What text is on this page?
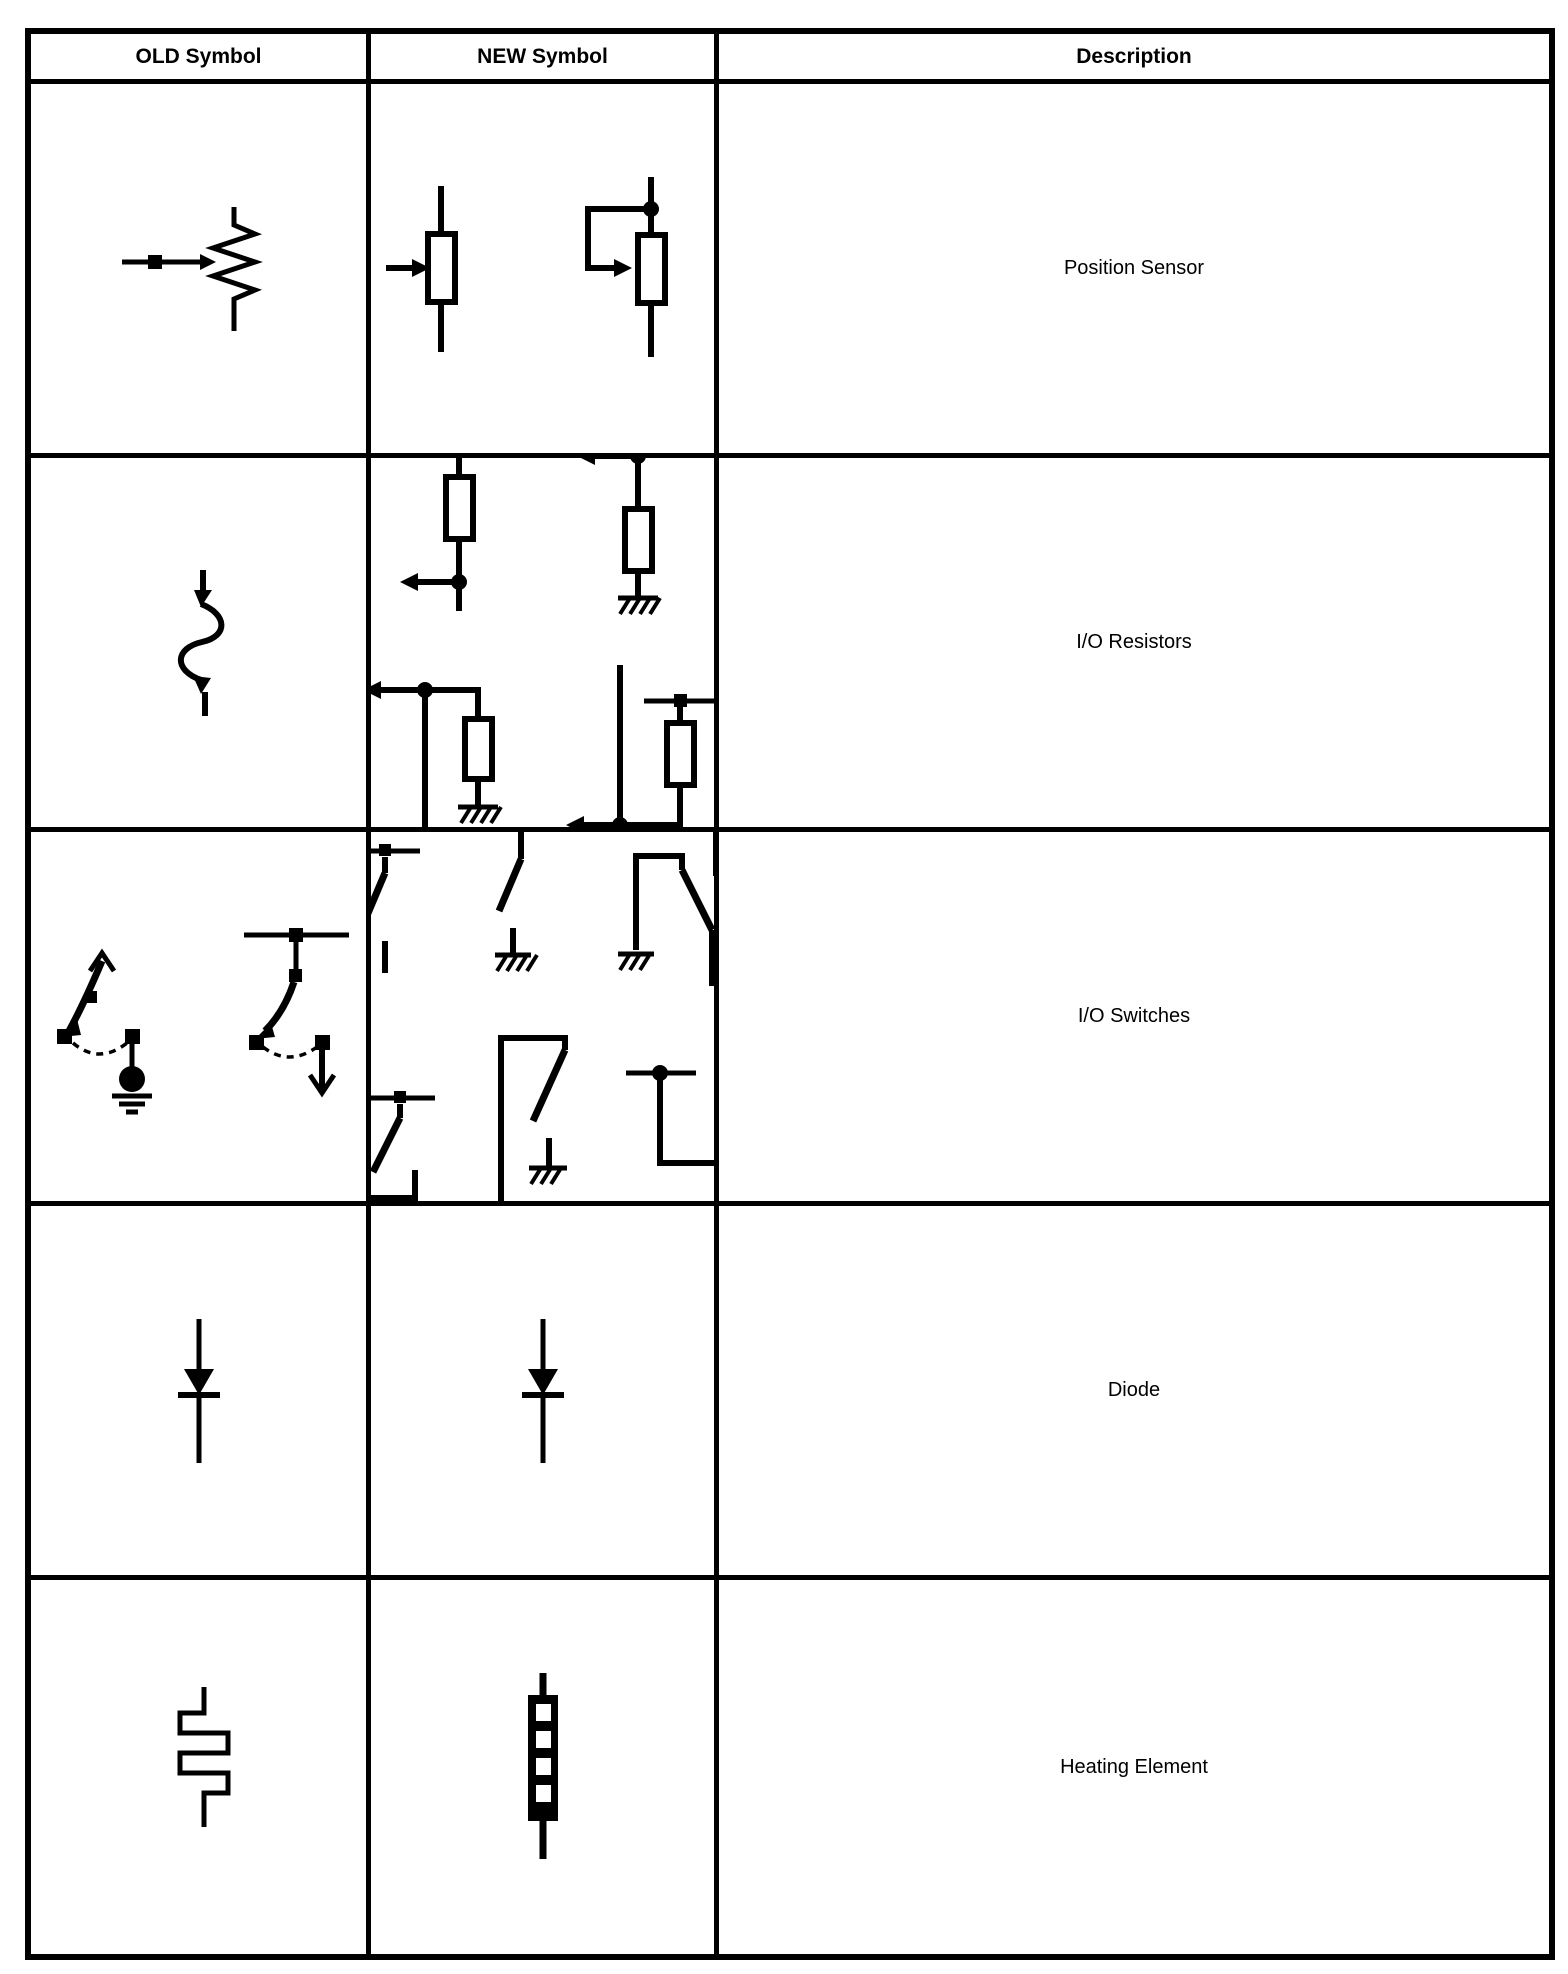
OLD Symbol	NEW Symbol	Description
Position Sensor
I/O Resistors
I/O Switches
Diode
Heating Element
